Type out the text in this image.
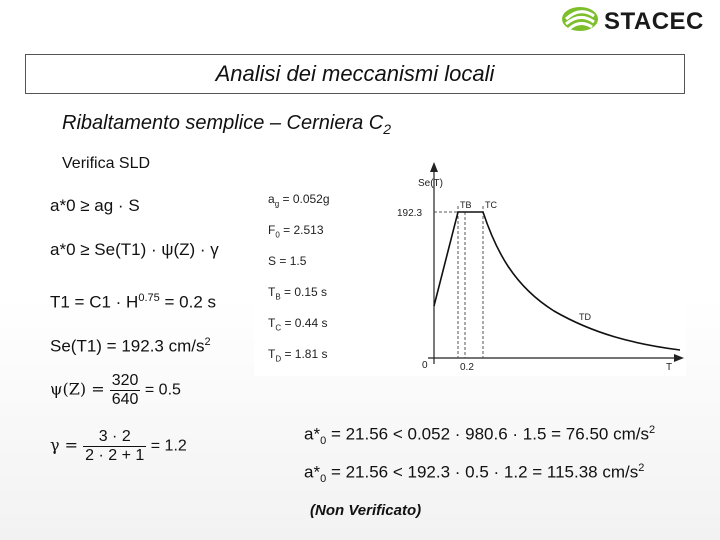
STACEC
Analisi dei meccanismi locali
Ribaltamento semplice – Cerniera $C_2$
Verifica SLD
$a_g = 0.052g$
$F_0 = 2.513$
S = 1.5
$T_B = 0.15$ s
$T_C = 0.44$ s
$T_D = 1.81$ s
Se(T)
192.3
TB TC
TD
0	0.2	T
a*0 ≥ ag · S
a*0 ≥ Se(T1) · ψ(Z) · γ
$T1 = C1 \cdot H^{0.75} = 0.2$ s
Se(T1) = 192.3 $cm/s^2$
$\psi(Z) = \frac{320}{640} = 0.5$
$\gamma = \frac{3 \cdot 2}{2 \cdot 2 + 1} = 1.2$
$a*_0 = 21.56 < 0.052 \cdot 980.6 \cdot 1.5 = 76.50$ $cm/s^2$
$a*_0 = 21.56 < 192.3 \cdot 0.5 \cdot 1.2 = 115.38$ $cm/s^2$
(Non Verificato)
